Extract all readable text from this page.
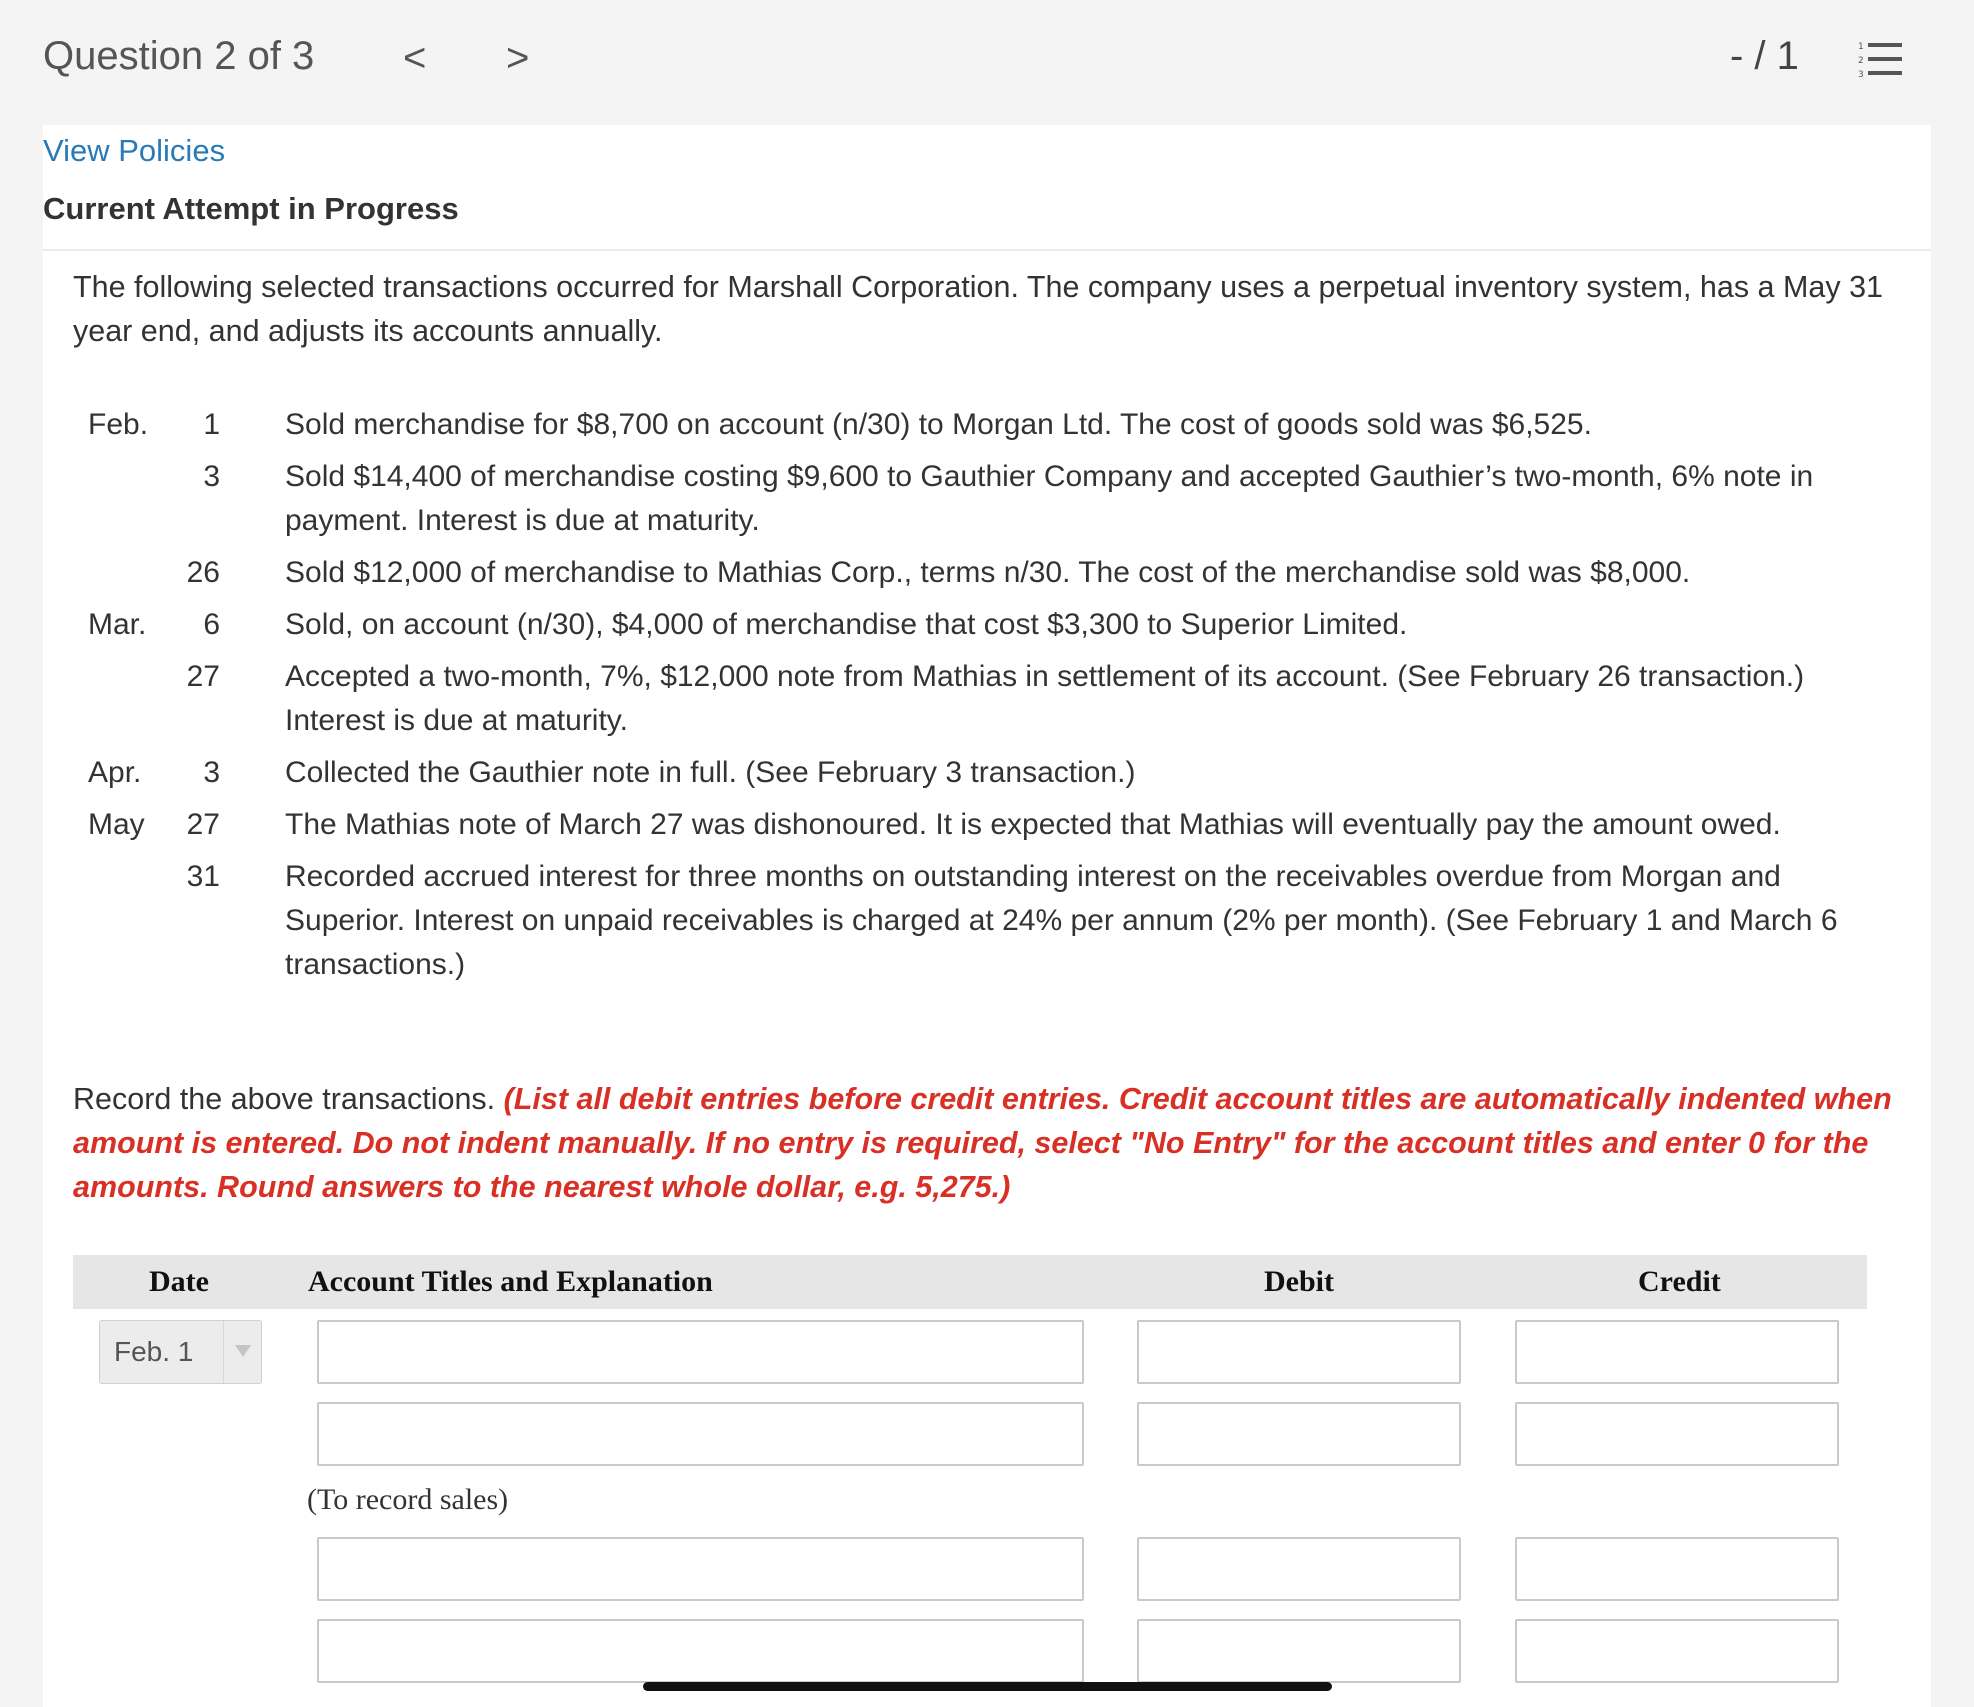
Question 2 of 3 < >	- / 1	1
2
3
View Policies
Current Attempt in Progress
The following selected transactions occurred for Marshall Corporation. The company uses a perpetual inventory system, has a May 31 year end, and adjusts its accounts annually.
Feb.	1 Sold merchandise for $8,700 on account (n/30) to Morgan Ltd. The cost of goods sold was $6,525.
3 Sold $14,400 of merchandise costing $9,600 to Gauthier Company and accepted Gauthier’s two-month, 6% note in payment. Interest is due at maturity.
26 Sold $12,000 of merchandise to Mathias Corp., terms n/30. The cost of the merchandise sold was $8,000.
Mar.	6 Sold, on account (n/30), $4,000 of merchandise that cost $3,300 to Superior Limited.
27 Accepted a two-month, 7%, $12,000 note from Mathias in settlement of its account. (See February 26 transaction.) Interest is due at maturity.
Apr.	3 Collected the Gauthier note in full. (See February 3 transaction.)
May	27 The Mathias note of March 27 was dishonoured. It is expected that Mathias will eventually pay the amount owed.
31 Recorded accrued interest for three months on outstanding interest on the receivables overdue from Morgan and Superior. Interest on unpaid receivables is charged at 24% per annum (2% per month). (See February 1 and March 6 transactions.)
Record the above transactions. (List all debit entries before credit entries. Credit account titles are automatically indented when amount is entered. Do not indent manually. If no entry is required, select "No Entry" for the account titles and enter 0 for the amounts. Round answers to the nearest whole dollar, e.g. 5,275.)
Date	Account Titles and Explanation	Debit	Credit
Feb. 1
(To record sales)
